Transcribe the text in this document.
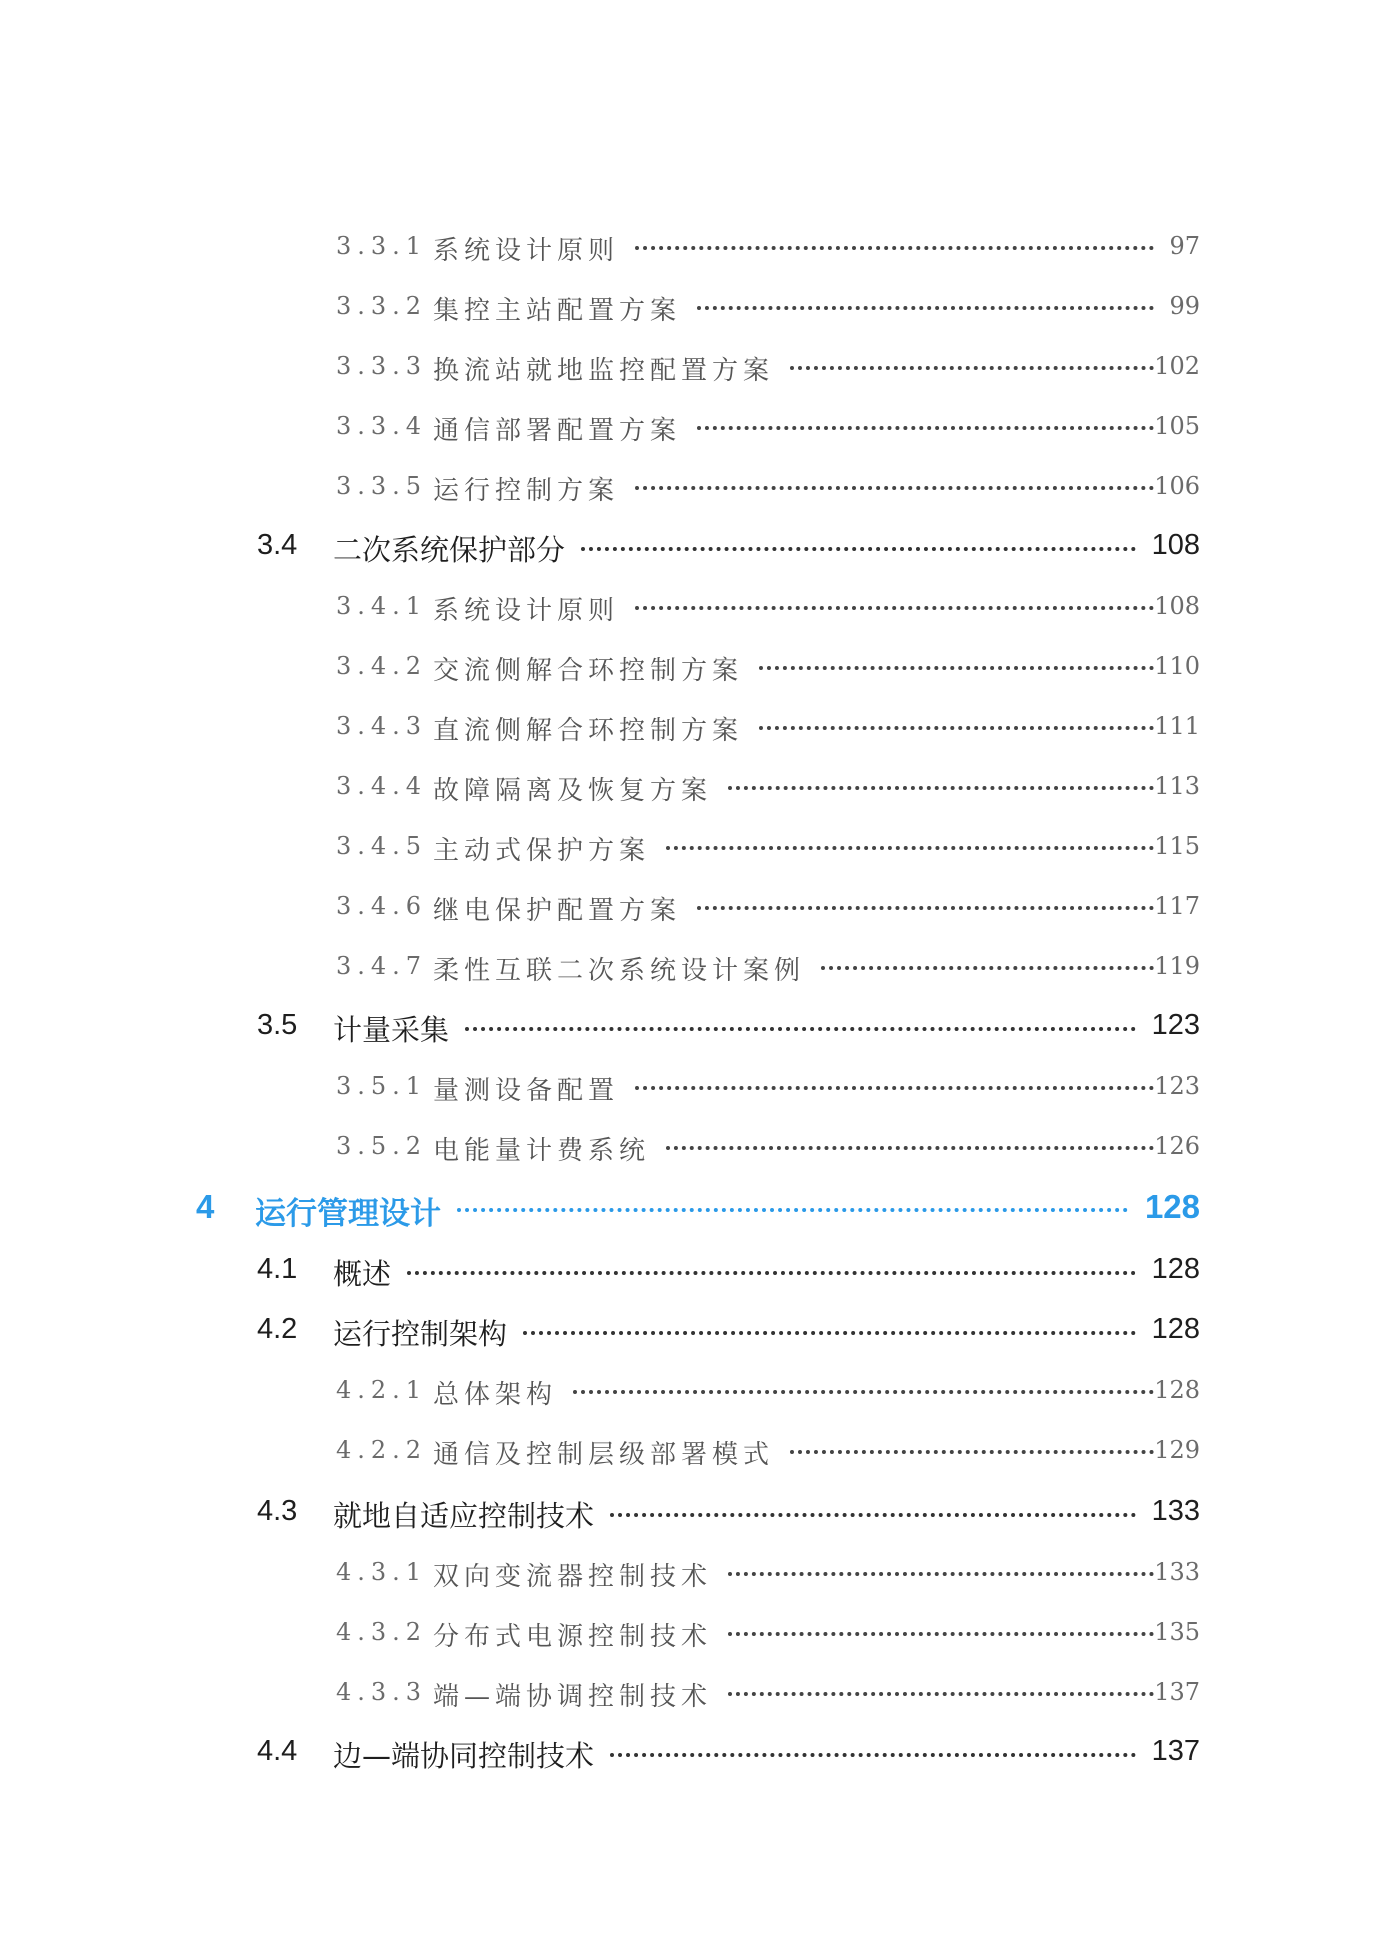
3.3.1 系统设计原则	97
3.3.2 集控主站配置方案	99
3.3.3 换流站就地监控配置方案	102
3.3.4 通信部署配置方案	105
3.3.5 运行控制方案	106
3.4 二次系统保护部分	108
3.4.1 系统设计原则	108
3.4.2 交流侧解合环控制方案	110
3.4.3 直流侧解合环控制方案	111
3.4.4 故障隔离及恢复方案	113
3.4.5 主动式保护方案	115
3.4.6 继电保护配置方案	117
3.4.7 柔性互联二次系统设计案例	119
3.5 计量采集	123
3.5.1 量测设备配置	123
3.5.2 电能量计费系统	126
4 运行管理设计	128
4.1 概述	128
4.2 运行控制架构	128
4.2.1 总体架构	128
4.2.2 通信及控制层级部署模式	129
4.3 就地自适应控制技术	133
4.3.1 双向变流器控制技术	133
4.3.2 分布式电源控制技术	135
4.3.3 端—端协调控制技术	137
4.4 边—端协同控制技术	137
